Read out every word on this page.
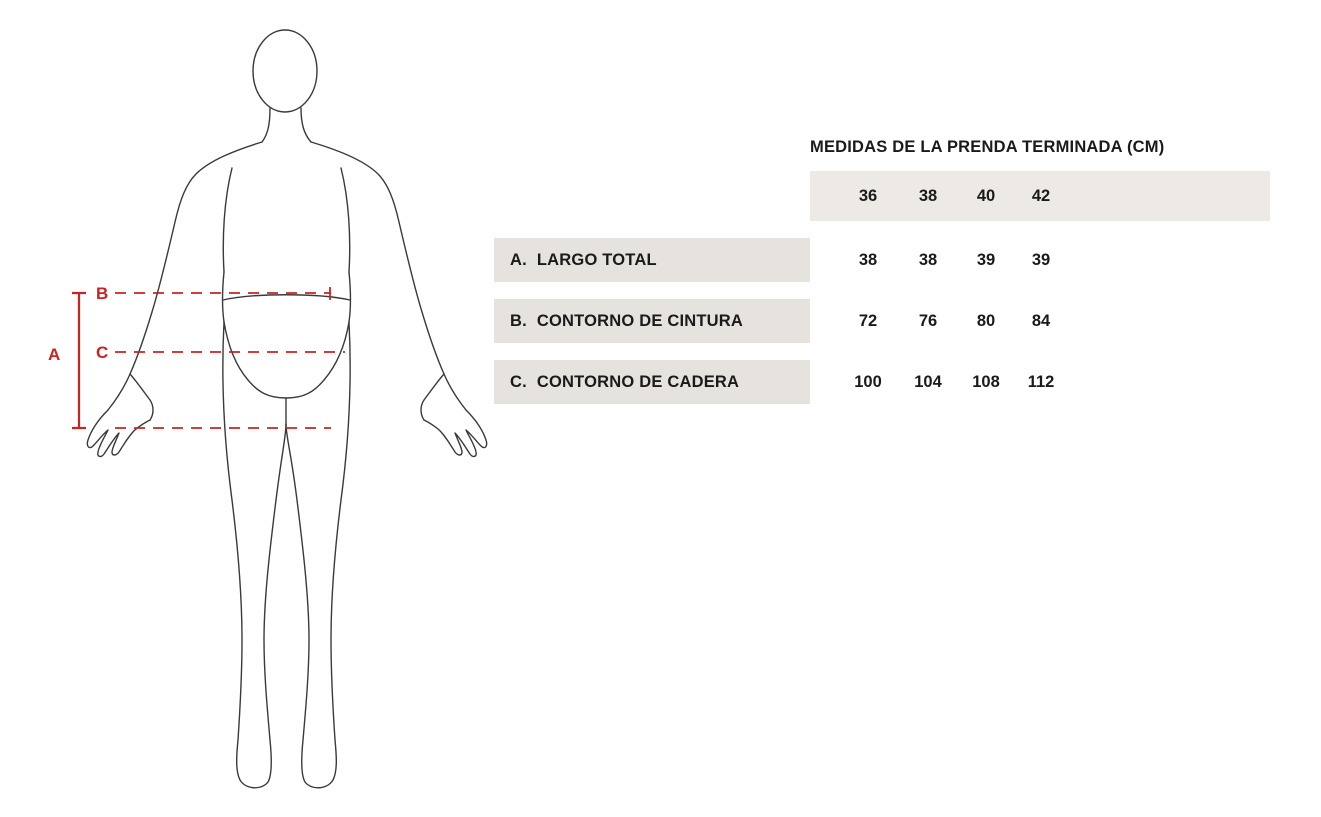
A
B
C
MEDIDAS DE LA PRENDA TERMINADA (CM)
36	38	40	42
A. LARGO TOTAL	38	38	39	39
B. CONTORNO DE CINTURA	72	76	80	84
C. CONTORNO DE CADERA	100	104	108	112
